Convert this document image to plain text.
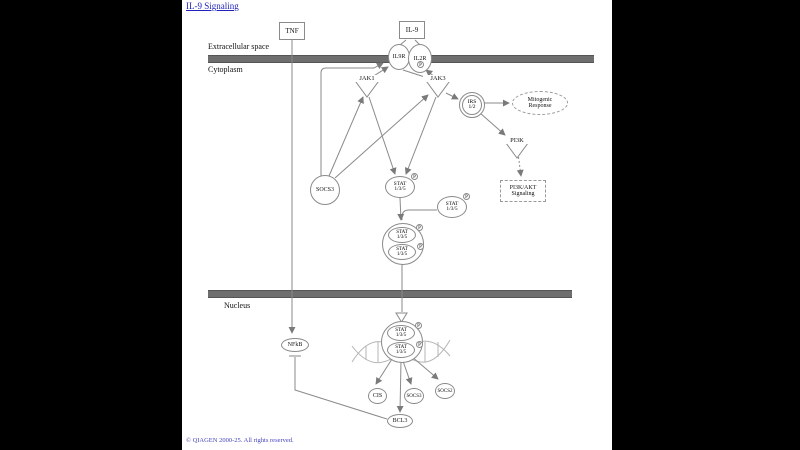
IL-9 Signaling
Extracellular space
Cytoplasm
Nucleus
TNF	IL-9
IL9R IL2R
P
JAK1	JAK3
PI3K
IRS
1/2
Mitogenic
Response
PI3K/AKT
Signaling
SOCS3
STAT
1/3/5
P
STAT
1/3/5
P
STAT
1/3/5
STAT
1/3/5
P
P
NFkB
STAT
1/3/5
STAT
1/3/5
P
P
CIS	SOCS3
SOCS2
BCL3
© QIAGEN 2000-25. All rights reserved.
